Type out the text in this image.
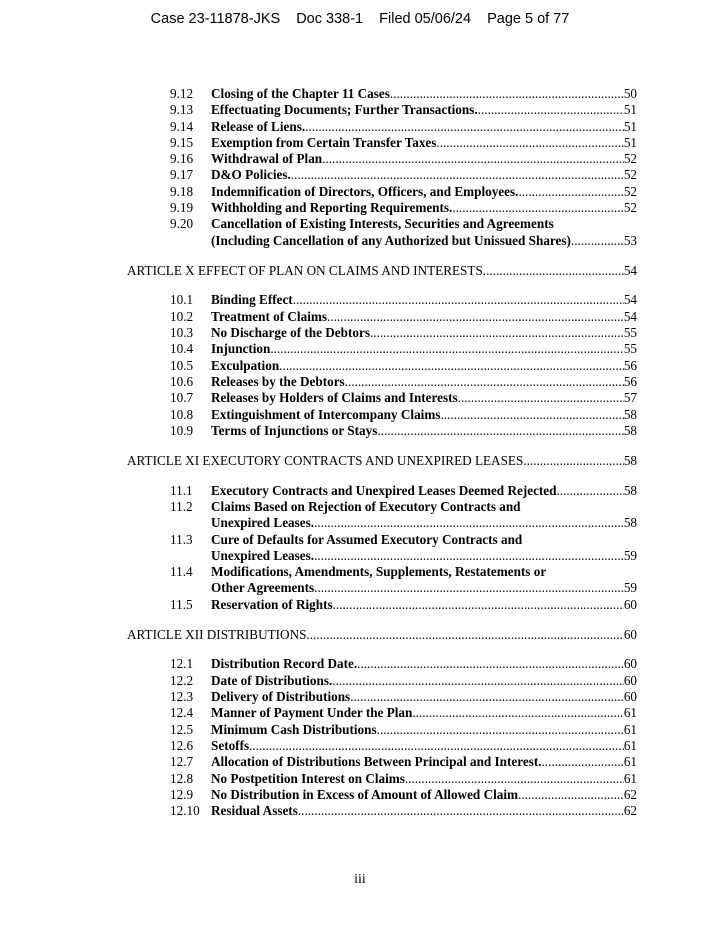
Case 23-11878-JKS Doc 338-1 Filed 05/06/24 Page 5 of 77
9.12 Closing of the Chapter 11 Cases .....	50
9.13 Effectuating Documents; Further Transactions. .....	51
9.14 Release of Liens. .....	51
9.15 Exemption from Certain Transfer Taxes .....	51
9.16 Withdrawal of Plan .....	52
9.17 D&O Policies. .....	52
9.18 Indemnification of Directors, Officers, and Employees. .....	52
9.19 Withholding and Reporting Requirements. .....	52
9.20 Cancellation of Existing Interests, Securities and Agreements
(Including Cancellation of any Authorized but Unissued Shares) .....	53
ARTICLE X EFFECT OF PLAN ON CLAIMS AND INTERESTS .....	54
10.1 Binding Effect .....	54
10.2 Treatment of Claims .....	54
10.3 No Discharge of the Debtors .....	55
10.4 Injunction .....	55
10.5 Exculpation .....	56
10.6 Releases by the Debtors .....	56
10.7 Releases by Holders of Claims and Interests .....	57
10.8 Extinguishment of Intercompany Claims .....	58
10.9 Terms of Injunctions or Stays .....	58
ARTICLE XI EXECUTORY CONTRACTS AND UNEXPIRED LEASES .....	58
11.1 Executory Contracts and Unexpired Leases Deemed Rejected .....	58
11.2 Claims Based on Rejection of Executory Contracts and
Unexpired Leases. .....	58
11.3 Cure of Defaults for Assumed Executory Contracts and
Unexpired Leases. .....	59
11.4 Modifications, Amendments, Supplements, Restatements or
Other Agreements .....	59
11.5 Reservation of Rights .....	60
ARTICLE XII DISTRIBUTIONS .....	60
12.1 Distribution Record Date. .....	60
12.2 Date of Distributions. .....	60
12.3 Delivery of Distributions .....	60
12.4 Manner of Payment Under the Plan .....	61
12.5 Minimum Cash Distributions .....	61
12.6 Setoffs .....	61
12.7 Allocation of Distributions Between Principal and Interest. .....	61
12.8 No Postpetition Interest on Claims .....	61
12.9 No Distribution in Excess of Amount of Allowed Claim .....	62
12.10 Residual Assets .....	62
iii
